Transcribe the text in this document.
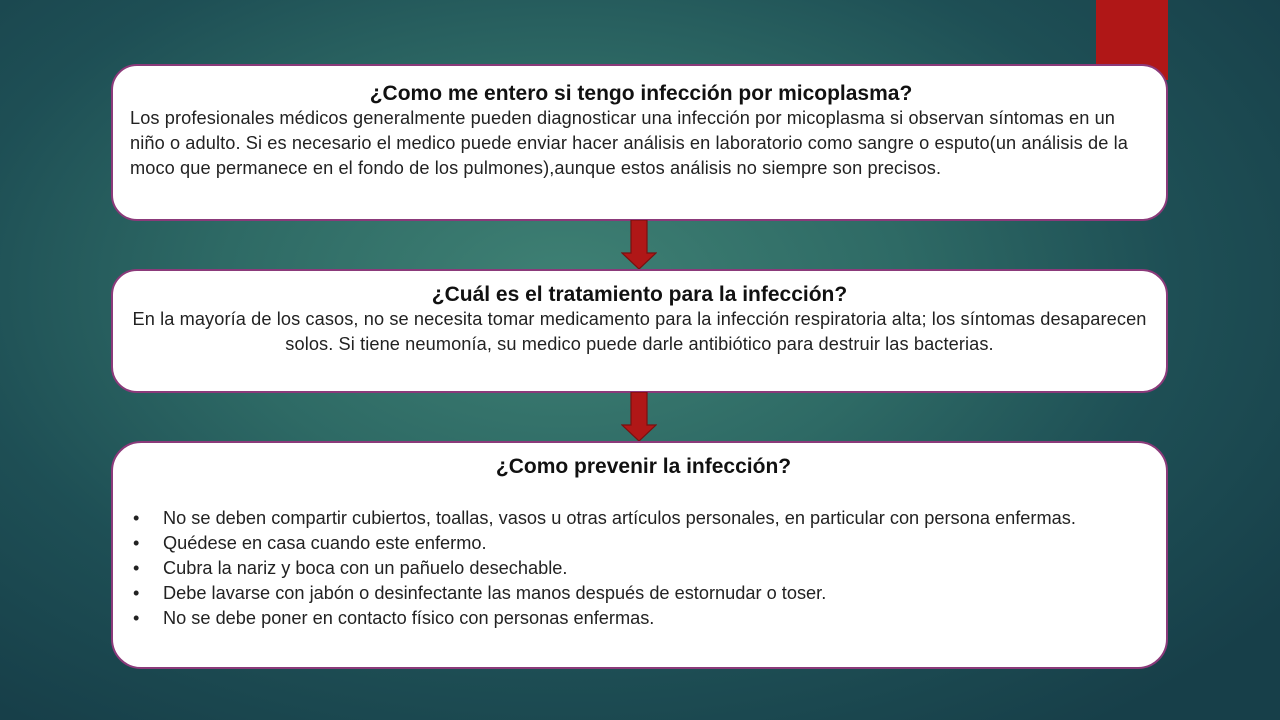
¿Como me entero si tengo infección por micoplasma?
Los profesionales médicos generalmente pueden diagnosticar una infección por micoplasma si observan síntomas en un niño o adulto. Si es necesario el medico puede enviar hacer análisis en laboratorio como sangre o esputo(un análisis de la moco que permanece en el fondo de los pulmones),aunque estos análisis no siempre son precisos.
¿Cuál es el tratamiento para la infección?
En la mayoría de los casos, no se necesita tomar medicamento para la infección respiratoria alta; los síntomas desaparecen solos. Si tiene neumonía, su medico puede darle antibiótico para destruir las bacterias.
¿Como prevenir la infección?
•	No se deben compartir cubiertos, toallas, vasos u otras artículos personales, en particular con persona enfermas.
•	Quédese en casa cuando este enfermo.
•	Cubra la nariz y boca con un pañuelo desechable.
•	Debe lavarse con jabón o desinfectante las manos después de estornudar o toser.
•	No se debe poner en contacto físico con personas enfermas.
